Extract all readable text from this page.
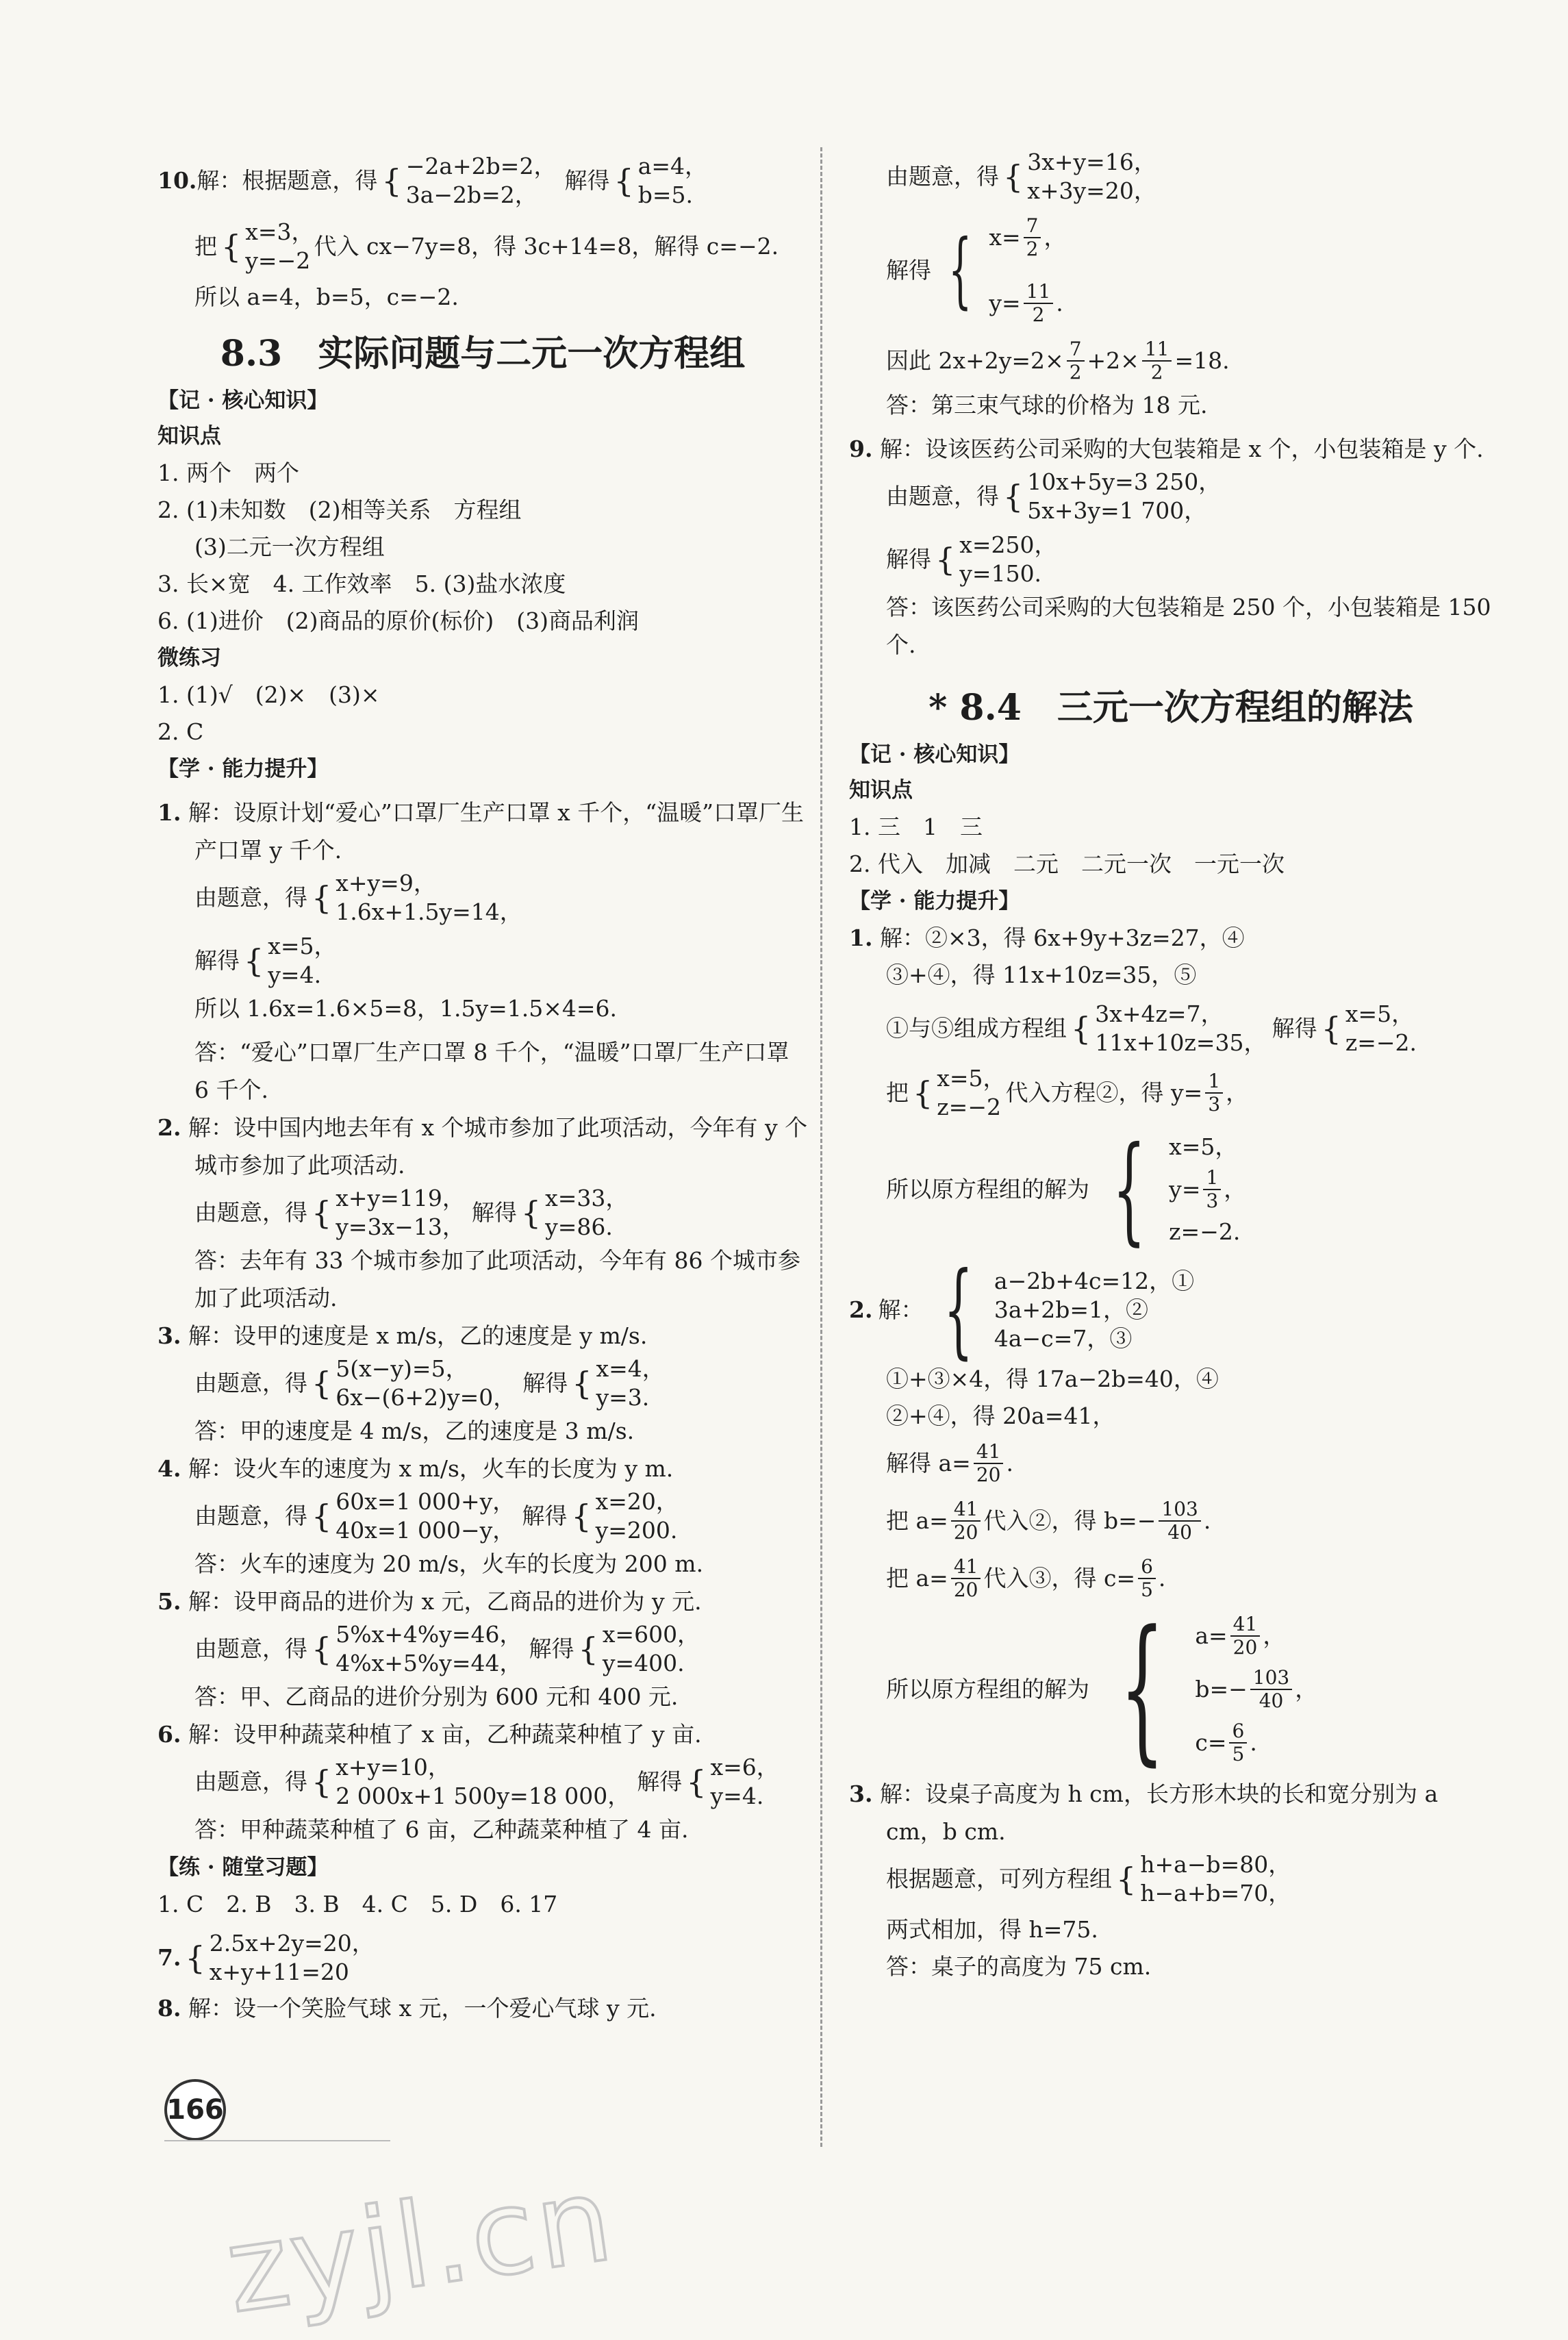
10. 解：根据题意，得 { −2a+2b=2，
3a−2b=2，
解得 { a=4，
b=5.
把 { x=3，
y=−2
代入 cx−7y=8，得 3c+14=8，解得 c=−2.

所以 a=4，b=5，c=−2.

8.3　实际问题与二元一次方程组

【记 · 核心知识】

知识点

1. 两个　两个

2. (1)未知数　(2)相等关系　方程组

(3)二元一次方程组

3. 长×宽　4. 工作效率　5. (3)盐水浓度

6. (1)进价　(2)商品的原价(标价)　(3)商品利润

微练习

1. (1)√　(2)×　(3)×

2. C

【学 · 能力提升】

1. 解：设原计划“爱心”口罩厂生产口罩 x 千个，“温暖”口罩厂生产口罩 y 千个.

由题意，得 { x+y=9，
1.6x+1.5y=14，
解得 { x=5，
y=4.

所以 1.6x=1.6×5=8，1.5y=1.5×4=6.

答：“爱心”口罩厂生产口罩 8 千个，“温暖”口罩厂生产口罩 6 千个.

2. 解：设中国内地去年有 x 个城市参加了此项活动，今年有 y 个城市参加了此项活动.

由题意，得 { x+y=119，
y=3x−13，
解得 { x=33，
y=86.

答：去年有 33 个城市参加了此项活动，今年有 86 个城市参加了此项活动.

3. 解：设甲的速度是 x m/s，乙的速度是 y m/s.

由题意，得 { 5(x−y)=5，
6x−(6+2)y=0，
解得 { x=4，
y=3.

答：甲的速度是 4 m/s，乙的速度是 3 m/s.

4. 解：设火车的速度为 x m/s，火车的长度为 y m.

由题意，得 { 60x=1 000+y，
40x=1 000−y，
解得 { x=20，
y=200.

答：火车的速度为 20 m/s，火车的长度为 200 m.

5. 解：设甲商品的进价为 x 元，乙商品的进价为 y 元.

由题意，得 { 5%x+4%y=46，
4%x+5%y=44，
解得 { x=600，
y=400.

答：甲、乙商品的进价分别为 600 元和 400 元.

6. 解：设甲种蔬菜种植了 x 亩，乙种蔬菜种植了 y 亩.

由题意，得 { x+y=10，
2 000x+1 500y=18 000，
解得 { x=6，
y=4.

答：甲种蔬菜种植了 6 亩，乙种蔬菜种植了 4 亩.

【练 · 随堂习题】

1. C　2. B　3. B　4. C　5. D　6. 17

7. { 2.5x+2y=20，
x+y+11=20

8. 解：设一个笑脸气球 x 元，一个爱心气球 y 元.

由题意，得 { 3x+y=16，
x+3y=20，
解得 { $x= \frac{7}{2}$ ，
$y= \frac{11}{2}$ .
因此 $2x+2y=2\times \frac{7}{2} +2\times \frac{11}{2} =18$.

答：第三束气球的价格为 18 元.

9. 解：设该医药公司采购的大包装箱是 x 个，小包装箱是 y 个.

由题意，得 { 10x+5y=3 250，
5x+3y=1 700，
解得 { x=250，
y=150.

答：该医药公司采购的大包装箱是 250 个，小包装箱是 150 个.

* 8.4　三元一次方程组的解法

【记 · 核心知识】

知识点

1. 三　1　三

2. 代入　加减　二元　二元一次　一元一次

【学 · 能力提升】

1. 解：②×3，得 6x+9y+3z=27，④

③+④，得 11x+10z=35，⑤

①与⑤组成方程组 { 3x+4z=7，
11x+10z=35，
解得 { x=5，
z=−2.
把 { x=5，
z=−2
代入方程②，得 $y= \frac{1}{3}$ ，
所以原方程组的解为 { x=5，
$y= \frac{1}{3}$ ，
z=−2.
2. 解： { a−2b+4c=12，①
3a+2b=1，②
4a−c=7，③

①+③×4，得 17a−2b=40，④

②+④，得 20a=41，

解得 $a= \frac{41}{20}$ .
把 $a= \frac{41}{20}$ 代入②，得 $b=- \frac{103}{40}$ .
把 $a= \frac{41}{20}$ 代入③，得 $c= \frac{6}{5}$ .
所以原方程组的解为 { $a= \frac{41}{20}$ ，
$b=- \frac{103}{40}$ ，
$c= \frac{6}{5}$ .

3. 解：设桌子高度为 h cm，长方形木块的长和宽分别为 a cm，b cm.

根据题意，可列方程组 { h+a−b=80，
h−a+b=70，

两式相加，得 h=75.

答：桌子的高度为 75 cm.

166
zyjl.cn
